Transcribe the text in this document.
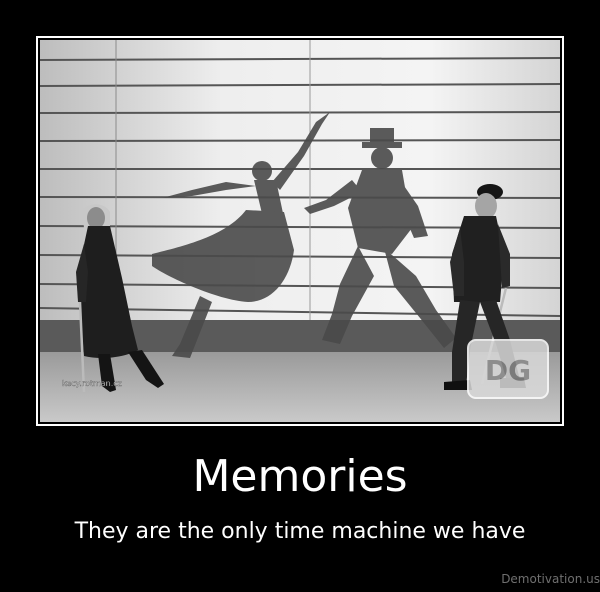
kecy.rotman.cz	DG
Memories
They are the only time machine we have
Demotivation.us
